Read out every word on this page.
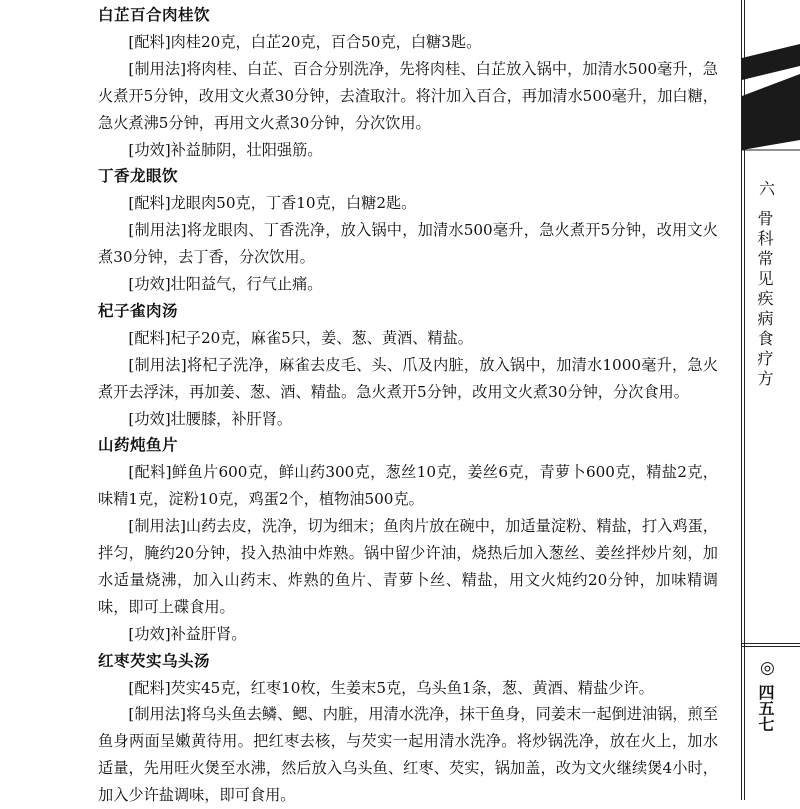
白芷百合肉桂饮

[配料]肉桂20克，白芷20克，百合50克，白糖3匙。

[制用法]将肉桂、白芷、百合分别洗净，先将肉桂、白芷放入锅中，加清水500毫升，急火煮开5分钟，改用文火煮30分钟，去渣取汁。将汁加入百合，再加清水500毫升，加白糖，急火煮沸5分钟，再用文火煮30分钟，分次饮用。

[功效]补益肺阴，壮阳强筋。

丁香龙眼饮

[配料]龙眼肉50克，丁香10克，白糖2匙。

[制用法]将龙眼肉、丁香洗净，放入锅中，加清水500毫升，急火煮开5分钟，改用文火煮30分钟，去丁香，分次饮用。

[功效]壮阳益气，行气止痛。

杞子雀肉汤

[配料]杞子20克，麻雀5只，姜、葱、黄酒、精盐。

[制用法]将杞子洗净，麻雀去皮毛、头、爪及内脏，放入锅中，加清水1000毫升，急火煮开去浮沫，再加姜、葱、酒、精盐。急火煮开5分钟，改用文火煮30分钟，分次食用。

[功效]壮腰膝，补肝肾。

山药炖鱼片

[配料]鲜鱼片600克，鲜山药300克，葱丝10克，姜丝6克，青萝卜600克，精盐2克，味精1克，淀粉10克，鸡蛋2个，植物油500克。

[制用法]山药去皮，洗净，切为细末；鱼肉片放在碗中，加适量淀粉、精盐，打入鸡蛋，拌匀，腌约20分钟，投入热油中炸熟。锅中留少许油，烧热后加入葱丝、姜丝拌炒片刻，加水适量烧沸，加入山药末、炸熟的鱼片、青萝卜丝、精盐，用文火炖约20分钟，加味精调味，即可上碟食用。

[功效]补益肝肾。

红枣芡实乌头汤

[配料]芡实45克，红枣10枚，生姜末5克，乌头鱼1条，葱、黄酒、精盐少许。

[制用法]将乌头鱼去鳞、鳃、内脏，用清水洗净，抹干鱼身，同姜末一起倒进油锅，煎至鱼身两面呈嫩黄待用。把红枣去核，与芡实一起用清水洗净。将炒锅洗净，放在火上，加水适量，先用旺火煲至水沸，然后放入乌头鱼、红枣、芡实，锅加盖，改为文火继续煲4小时，加入少许盐调味，即可食用。

六
骨科常见疾病食疗方
◎
四五七
